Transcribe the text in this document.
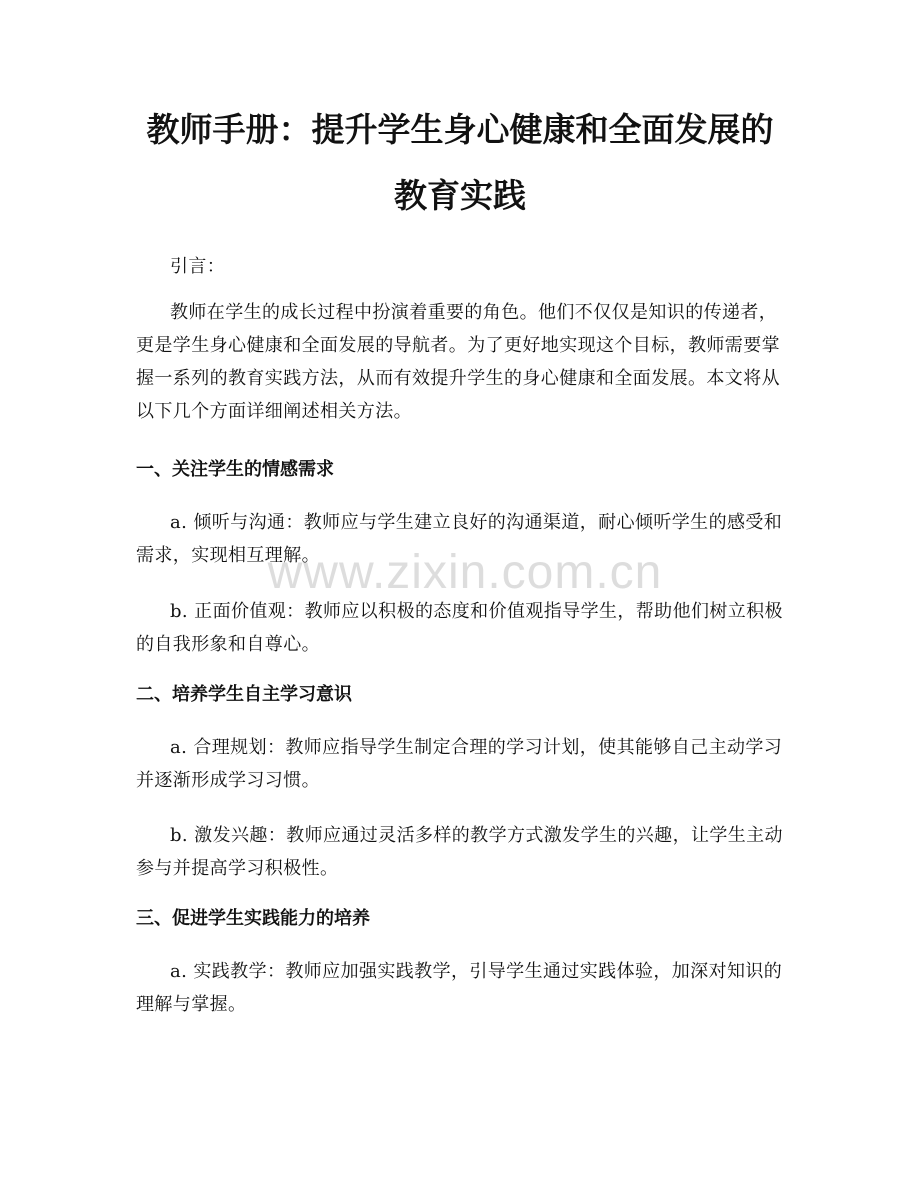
教师手册：提升学生身心健康和全面发展的
教育实践

引言：

教师在学生的成长过程中扮演着重要的角色。他们不仅仅是知识的传递者，更是学生身心健康和全面发展的导航者。为了更好地实现这个目标，教师需要掌握一系列的教育实践方法，从而有效提升学生的身心健康和全面发展。本文将从以下几个方面详细阐述相关方法。

一、关注学生的情感需求

a. 倾听与沟通：教师应与学生建立良好的沟通渠道，耐心倾听学生的感受和需求，实现相互理解。

b. 正面价值观：教师应以积极的态度和价值观指导学生，帮助他们树立积极的自我形象和自尊心。

二、培养学生自主学习意识

a. 合理规划：教师应指导学生制定合理的学习计划，使其能够自己主动学习并逐渐形成学习习惯。

b. 激发兴趣：教师应通过灵活多样的教学方式激发学生的兴趣，让学生主动参与并提高学习积极性。

三、促进学生实践能力的培养

a. 实践教学：教师应加强实践教学，引导学生通过实践体验，加深对知识的理解与掌握。

www.zixin.com.cn
